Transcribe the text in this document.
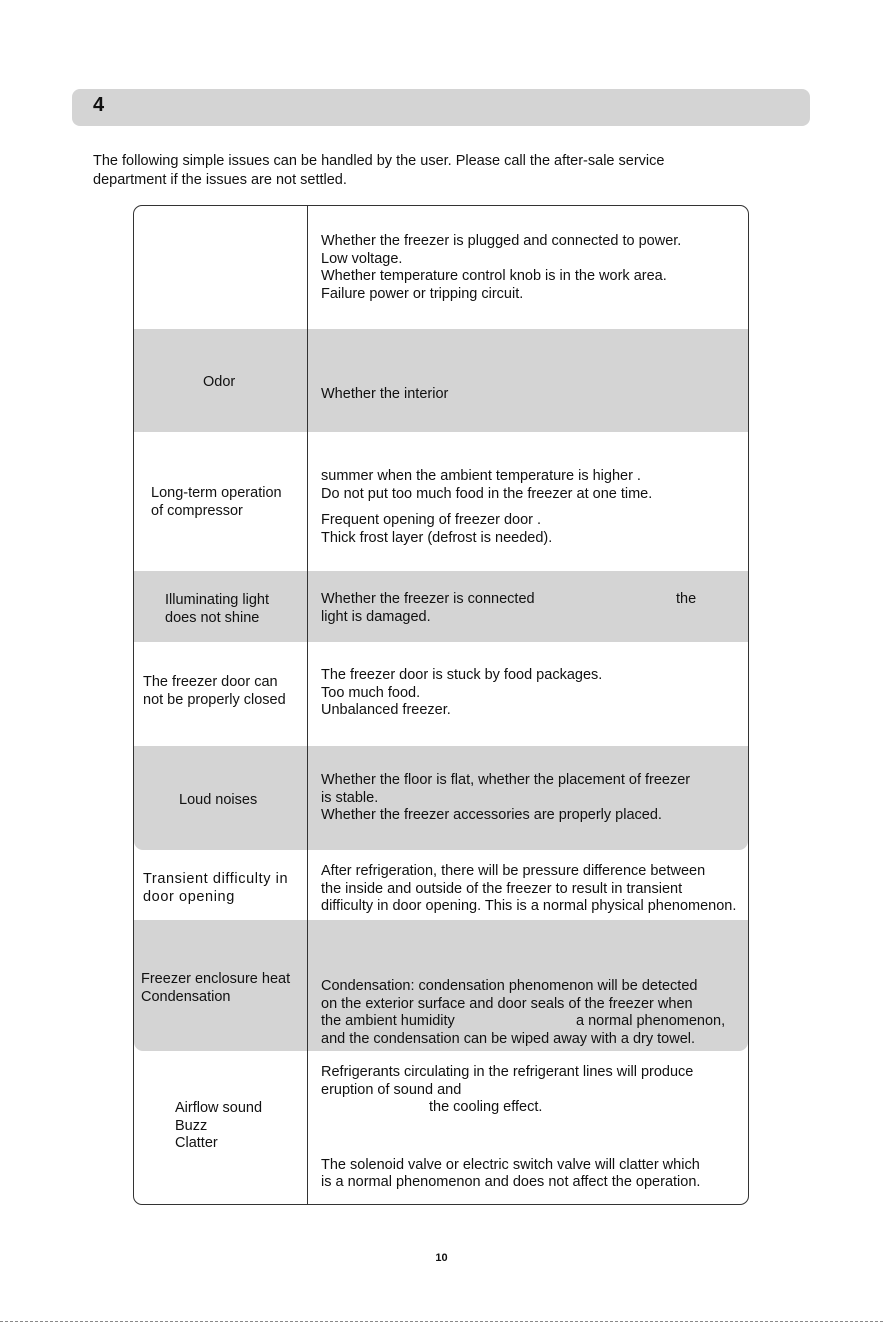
4
The following simple issues can be handled by the user. Please call the after-sale service
department if the issues are not settled.
Whether the freezer is plugged and connected to power.
Low voltage.
Whether temperature control knob is in the work area.
Failure power or tripping circuit.
Odor
Whether the interior
Long-term operation
of compressor
summer when the ambient temperature is higher .
Do not put too much food in the freezer at one time.
Frequent opening of freezer door .
Thick frost layer (defrost is needed).
Illuminating light
does not shine
Whether the freezer is connected	the
light is damaged.
The freezer door can
not be properly closed
The freezer door is stuck by food packages.
Too much food.
Unbalanced freezer.
Loud noises
Whether the floor is flat, whether the placement of freezer
is stable.
Whether the freezer accessories are properly placed.
Transient difficulty in
door opening
After refrigeration, there will be pressure difference between
the inside and outside of the freezer to result in transient
difficulty in door opening. This is a normal physical phenomenon.
Freezer enclosure heat
Condensation
Condensation: condensation phenomenon will be detected
on the exterior surface and door seals of the freezer when
the ambient humidity	a normal phenomenon,
and the condensation can be wiped away with a dry towel.
Airflow sound
Buzz
Clatter
Refrigerants circulating in the refrigerant lines will produce
eruption of sound and
the cooling effect.
The solenoid valve or electric switch valve will clatter which
is a normal phenomenon and does not affect the operation.
10
